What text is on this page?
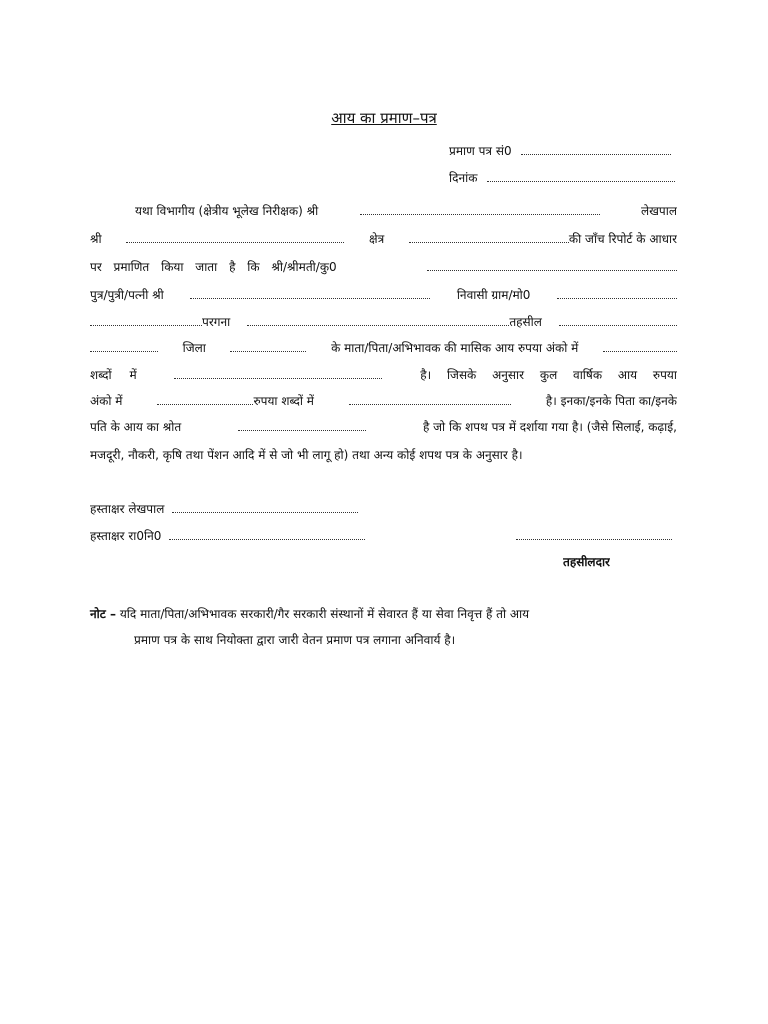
आय का प्रमाण–पत्र
प्रमाण पत्र सं0
दिनांक
यथा विभागीय (क्षेत्रीय भूलेख निरीक्षक) श्री	लेखपाल
श्री	क्षेत्र	की जाँच रिपोर्ट के आधार
पर प्रमाणित किया जाता है कि श्री/श्रीमती/कु0
पुत्र/पुत्री/पत्नी श्री	निवासी ग्राम/मो0
परगना	तहसील
जिला	के माता/पिता/अभिभावक की मासिक आय रुपया अंको में
शब्दों में	है। जिसके अनुसार कुल वार्षिक आय रुपया
अंको में	रुपया शब्दों में	है। इनका/इनके पिता का/इनके
पति के आय का श्रोत	है जो कि शपथ पत्र में दर्शाया गया है। (जैसे सिलाई, कढ़ाई,
मजदूरी, नौकरी, कृषि तथा पेंशन आदि में से जो भी लागू हो) तथा अन्य कोई शपथ पत्र के अनुसार है।
हस्ताक्षर लेखपाल
हस्ताक्षर रा0नि0
तहसीलदार
नोट – यदि माता/पिता/अभिभावक सरकारी/गैर सरकारी संस्थानों में सेवारत हैं या सेवा निवृत्त हैं तो आय
प्रमाण पत्र के साथ नियोक्ता द्वारा जारी वेतन प्रमाण पत्र लगाना अनिवार्य है।
